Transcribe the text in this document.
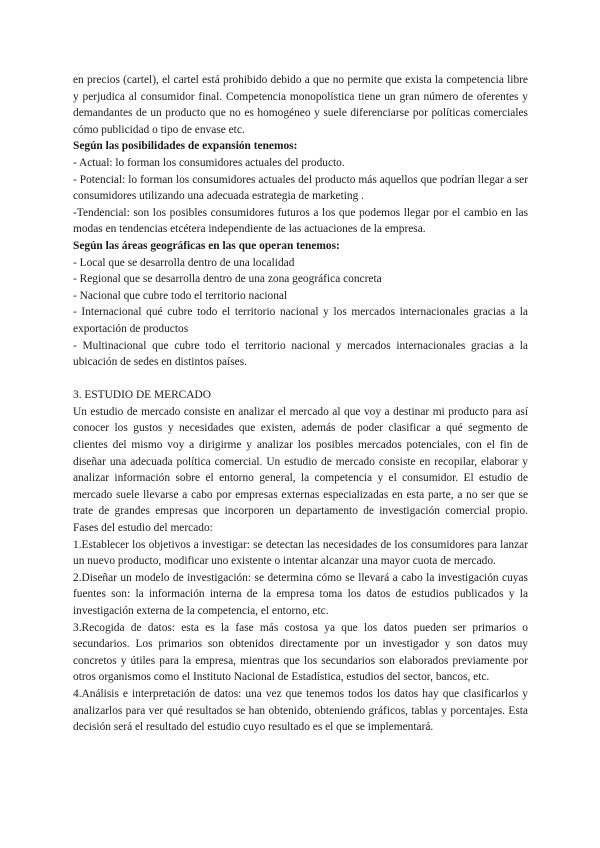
en precios (cartel), el cartel está prohibido debido a que no permite que exista la competencia libre y perjudica al consumidor final. Competencia monopolística tiene un gran número de oferentes y demandantes de un producto que no es homogéneo y suele diferenciarse por políticas comerciales cómo publicidad o tipo de envase etc.

Según las posibilidades de expansión tenemos:

- Actual: lo forman los consumidores actuales del producto.

- Potencial: lo forman los consumidores actuales del producto más aquellos que podrían llegar a ser consumidores utilizando una adecuada estrategia de marketing .

-Tendencial: son los posibles consumidores futuros a los que podemos llegar por el cambio en las modas en tendencias etcétera independiente de las actuaciones de la empresa.

Según las áreas geográficas en las que operan tenemos:

- Local que se desarrolla dentro de una localidad

- Regional que se desarrolla dentro de una zona geográfica concreta

- Nacional que cubre todo el territorio nacional

- Internacional qué cubre todo el territorio nacional y los mercados internacionales gracias a la exportación de productos

- Multinacional que cubre todo el territorio nacional y mercados internacionales gracias a la ubicación de sedes en distintos países.

3. ESTUDIO DE MERCADO

Un estudio de mercado consiste en analizar el mercado al que voy a destinar mi producto para así conocer los gustos y necesidades que existen, además de poder clasificar a qué segmento de clientes del mismo voy a dirigirme y analizar los posibles mercados potenciales, con el fin de diseñar una adecuada política comercial. Un estudio de mercado consiste en recopilar, elaborar y analizar información sobre el entorno general, la competencia y el consumidor. El estudio de mercado suele llevarse a cabo por empresas externas especializadas en esta parte, a no ser que se trate de grandes empresas que incorporen un departamento de investigación comercial propio. Fases del estudio del mercado:

1.Establecer los objetivos a investigar: se detectan las necesidades de los consumidores para lanzar un nuevo producto, modificar uno existente o intentar alcanzar una mayor cuota de mercado.

2.Diseñar un modelo de investigación: se determina cómo se llevará a cabo la investigación cuyas fuentes son: la información interna de la empresa toma los datos de estudios publicados y la investigación externa de la competencia, el entorno, etc.

3.Recogida de datos: esta es la fase más costosa ya que los datos pueden ser primarios o secundarios. Los primarios son obtenidos directamente por un investigador y son datos muy concretos y útiles para la empresa, mientras que los secundarios son elaborados previamente por otros organismos como el Instituto Nacional de Estadística, estudios del sector, bancos, etc.

4.Análisis e interpretación de datos: una vez que tenemos todos los datos hay que clasificarlos y analizarlos para ver qué resultados se han obtenido, obteniendo gráficos, tablas y porcentajes. Esta decisión será el resultado del estudio cuyo resultado es el que se implementará.
